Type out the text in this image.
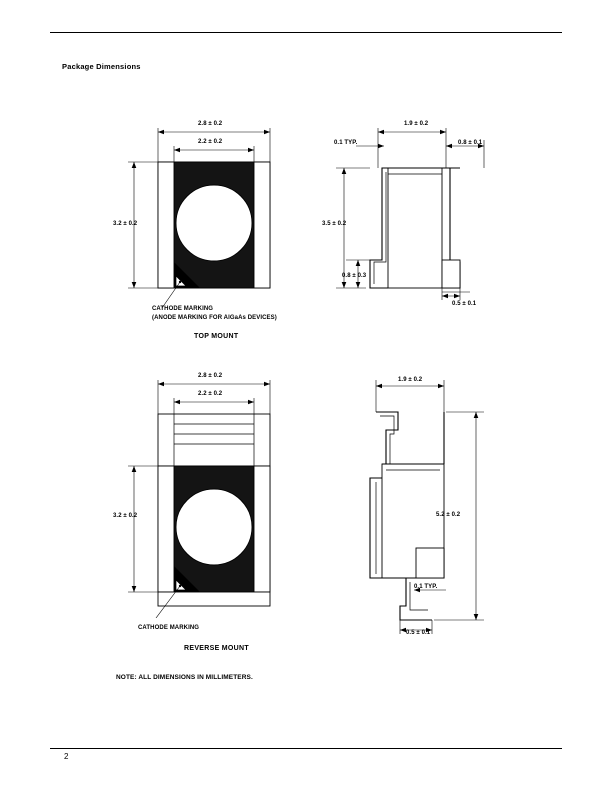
Package Dimensions
2
2.8 ± 0.2
2.2 ± 0.2
3.2 ± 0.2
CATHODE MARKING
(ANODE MARKING FOR AlGaAs DEVICES)
TOP MOUNT
1.9 ± 0.2
0.1 TYP.	0.8 ± 0.1
3.5 ± 0.2
0.8 ± 0.3
0.5 ± 0.1
2.8 ± 0.2
2.2 ± 0.2
3.2 ± 0.2
CATHODE MARKING
REVERSE MOUNT
1.9 ± 0.2
5.2 ± 0.2
0.1 TYP.
0.5 ± 0.1
NOTE: ALL DIMENSIONS IN MILLIMETERS.
